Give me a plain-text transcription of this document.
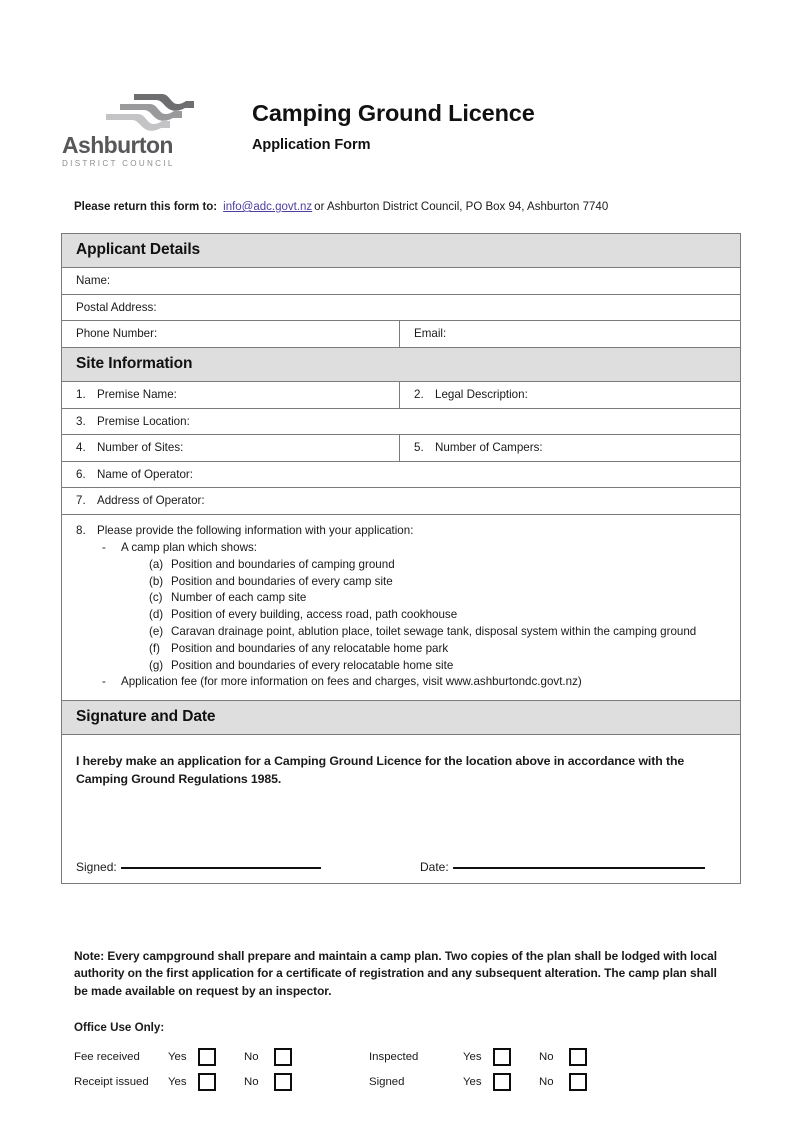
Ashburton
DISTRICT COUNCIL
Camping Ground Licence
Application Form
Please return this form to: info@adc.govt.nz or Ashburton District Council, PO Box 94, Ashburton 7740
Applicant Details
Name:
Postal Address:
Phone Number:	Email:
Site Information
1. Premise Name:	2. Legal Description:
3. Premise Location:
4. Number of Sites:	5. Number of Campers:
6. Name of Operator:
7. Address of Operator:
8. Please provide the following information with your application:
-	A camp plan which shows:
(a) Position and boundaries of camping ground
(b) Position and boundaries of every camp site
(c) Number of each camp site
(d) Position of every building, access road, path cookhouse
(e) Caravan drainage point, ablution place, toilet sewage tank, disposal system within the camping ground
(f) Position and boundaries of any relocatable home park
(g) Position and boundaries of every relocatable home site
-	Application fee (for more information on fees and charges, visit www.ashburtondc.govt.nz)
Signature and Date
I hereby make an application for a Camping Ground Licence for the location above in accordance with the Camping Ground Regulations 1985.
Signed:	Date:
Note: Every campground shall prepare and maintain a camp plan. Two copies of the plan shall be lodged with local authority on the first application for a certificate of registration and any subsequent alteration. The camp plan shall be made available on request by an inspector.
Office Use Only:
Fee received	Yes	No	Inspected	Yes	No
Receipt issued	Yes	No	Signed	Yes	No
